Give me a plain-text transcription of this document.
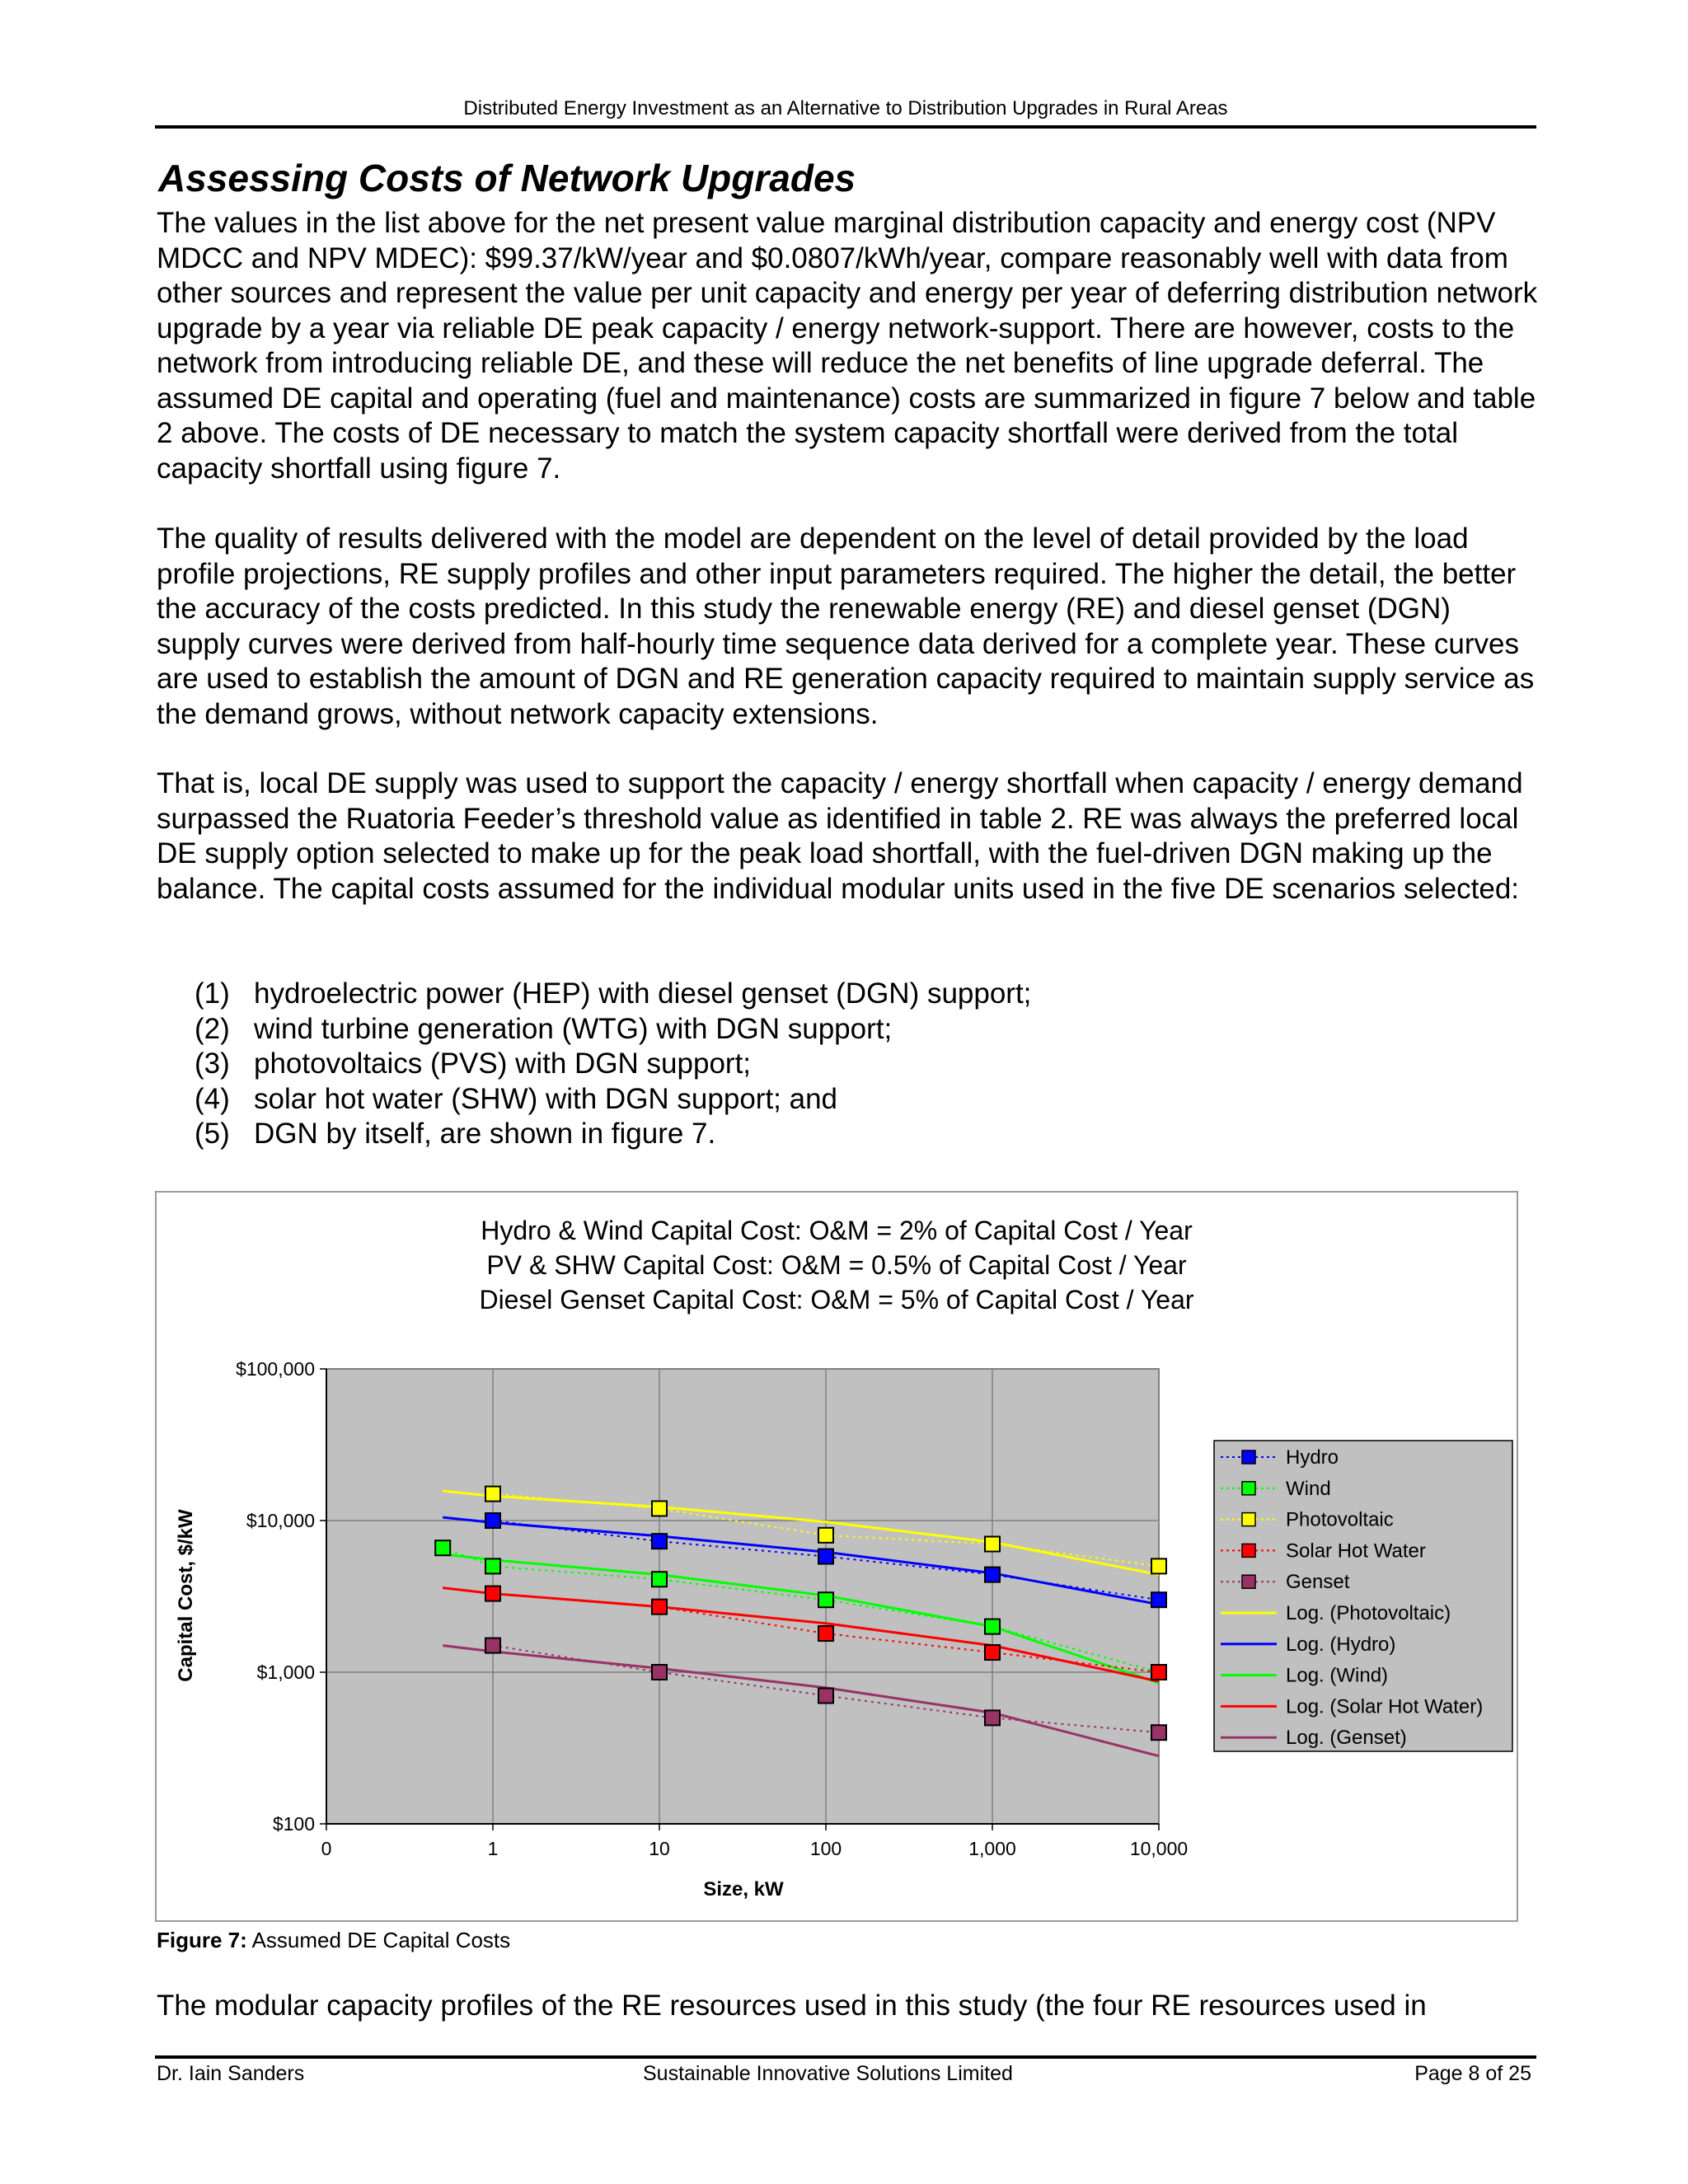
Distributed Energy Investment as an Alternative to Distribution Upgrades in Rural Areas
Assessing Costs of Network Upgrades

The values in the list above for the net present value marginal distribution capacity and energy cost (NPV MDCC and NPV MDEC): $99.37/kW/year and $0.0807/kWh/year, compare reasonably well with data from other sources and represent the value per unit capacity and energy per year of deferring distribution network upgrade by a year via reliable DE peak capacity / energy network-support. There are however, costs to the network from introducing reliable DE, and these will reduce the net benefits of line upgrade deferral. The assumed DE capital and operating (fuel and maintenance) costs are summarized in figure 7 below and table 2 above. The costs of DE necessary to match the system capacity shortfall were derived from the total capacity shortfall using figure 7.

The quality of results delivered with the model are dependent on the level of detail provided by the load profile projections, RE supply profiles and other input parameters required. The higher the detail, the better the accuracy of the costs predicted. In this study the renewable energy (RE) and diesel genset (DGN) supply curves were derived from half-hourly time sequence data derived for a complete year. These curves are used to establish the amount of DGN and RE generation capacity required to maintain supply service as the demand grows, without network capacity extensions.

That is, local DE supply was used to support the capacity / energy shortfall when capacity / energy demand surpassed the Ruatoria Feeder’s threshold value as identified in table 2. RE was always the preferred local DE supply option selected to make up for the peak load shortfall, with the fuel-driven DGN making up the balance. The capital costs assumed for the individual modular units used in the five DE scenarios selected:

(1) hydroelectric power (HEP) with diesel genset (DGN) support;
(2) wind turbine generation (WTG) with DGN support;
(3) photovoltaics (PVS) with DGN support;
(4) solar hot water (SHW) with DGN support; and
(5) DGN by itself, are shown in figure 7.
Hydro & Wind Capital Cost: O&M = 2% of Capital Cost / Year
PV & SHW Capital Cost: O&M = 0.5% of Capital Cost / Year
Diesel Genset Capital Cost: O&M = 5% of Capital Cost / Year
0	1	10	100	1,000	10,000
$100
$1,000
$10,000
$100,000
Capital Cost, $/kW
Size, kW
Hydro
Wind
Photovoltaic
Solar Hot Water
Genset
Log. (Photovoltaic)
Log. (Hydro)
Log. (Wind)
Log. (Solar Hot Water)
Log. (Genset)
Figure 7: Assumed DE Capital Costs

The modular capacity profiles of the RE resources used in this study (the four RE resources used in

Dr. Iain Sanders	Sustainable Innovative Solutions Limited	Page 8 of 25
